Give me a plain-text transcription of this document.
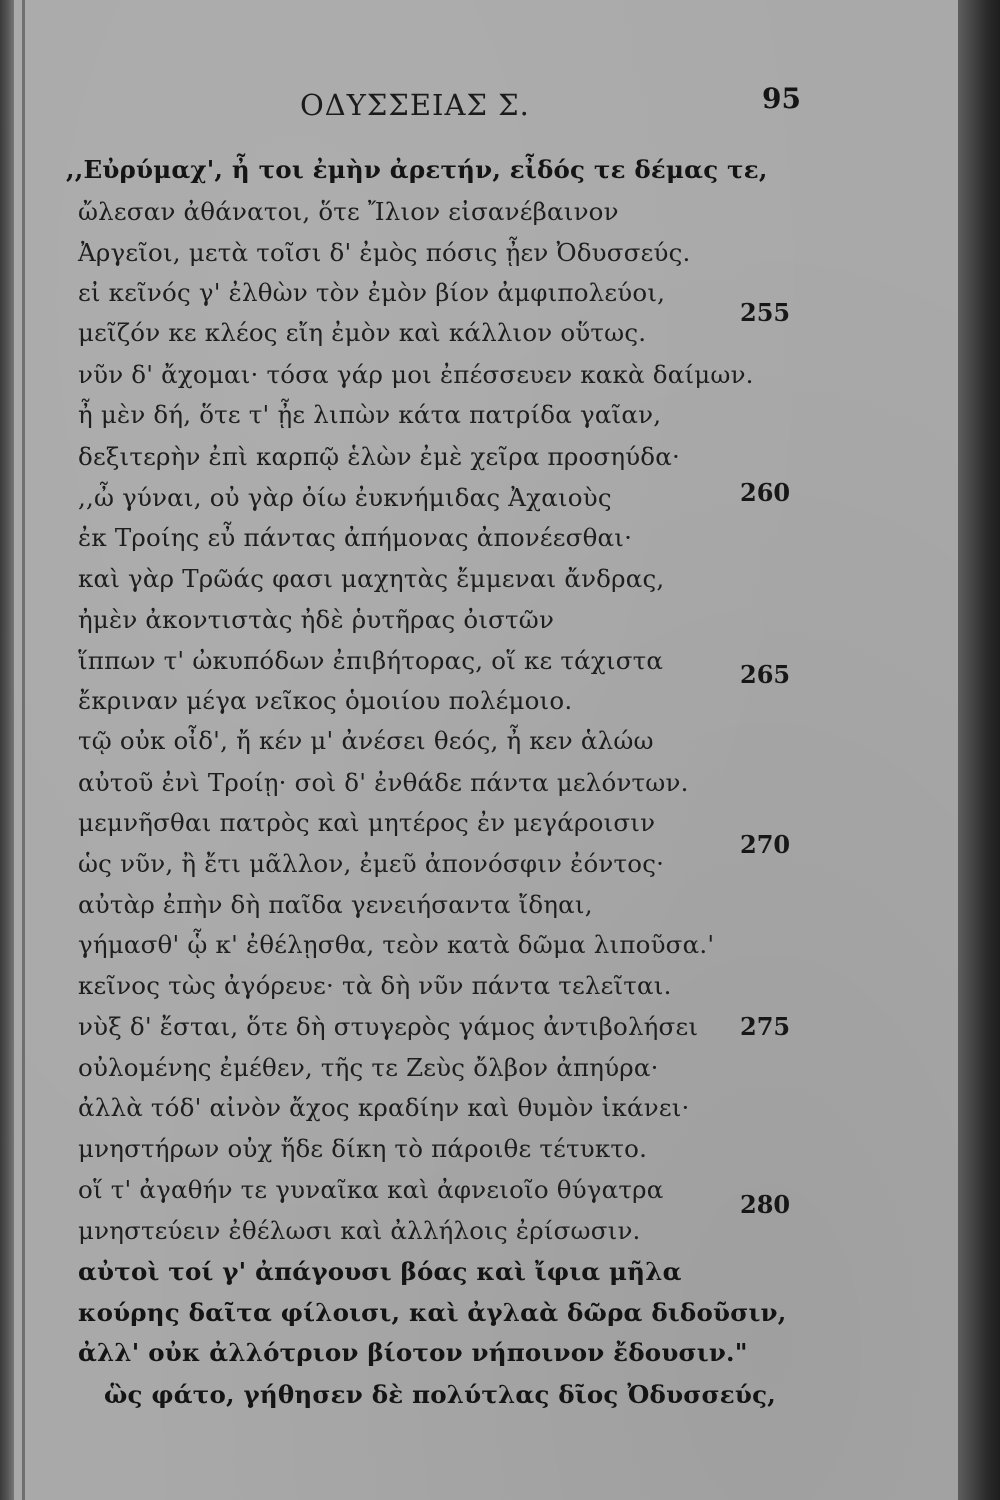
ΟΔΥΣΣΕΙΑΣ Σ.	95
,,Εὐρύμαχ', ἦ τοι ἐμὴν ἀρετήν, εἶδός τε δέμας τε,
ὤλεσαν ἀθάνατοι, ὅτε Ἴλιον εἰσανέβαινον
Ἀργεῖοι, μετὰ τοῖσι δ' ἐμὸς πόσις ᾖεν Ὀδυσσεύς.
εἰ κεῖνός γ' ἐλθὼν τὸν ἐμὸν βίον ἀμφιπολεύοι,
μεῖζόν κε κλέος εἴη ἐμὸν καὶ κάλλιον οὕτως.
255
νῦν δ' ἄχομαι· τόσα γάρ μοι ἐπέσσευεν κακὰ δαίμων.
ἦ μὲν δή, ὅτε τ' ᾖε λιπὼν κάτα πατρίδα γαῖαν,
δεξιτερὴν ἐπὶ καρπῷ ἑλὼν ἐμὲ χεῖρα προσηύδα·
,,ὦ γύναι, οὐ γὰρ ὀίω ἐυκνήμιδας Ἀχαιοὺς
ἐκ Τροίης εὖ πάντας ἀπήμονας ἀπονέεσθαι·
260
καὶ γὰρ Τρῶάς φασι μαχητὰς ἔμμεναι ἄνδρας,
ἠμὲν ἀκοντιστὰς ἠδὲ ῥυτῆρας ὀιστῶν
ἵππων τ' ὠκυπόδων ἐπιβήτορας, οἵ κε τάχιστα
ἔκριναν μέγα νεῖκος ὁμοιίου πολέμοιο.
τῷ οὐκ οἶδ', ἤ κέν μ' ἀνέσει θεός, ἦ κεν ἁλώω
265
αὐτοῦ ἐνὶ Τροίῃ· σοὶ δ' ἐνθάδε πάντα μελόντων.
μεμνῆσθαι πατρὸς καὶ μητέρος ἐν μεγάροισιν
ὡς νῦν, ἢ ἔτι μᾶλλον, ἐμεῦ ἀπονόσφιν ἐόντος·
αὐτὰρ ἐπὴν δὴ παῖδα γενειήσαντα ἴδηαι,
γήμασθ' ᾧ κ' ἐθέλῃσθα, τεὸν κατὰ δῶμα λιποῦσα.'
270
κεῖνος τὼς ἀγόρευε· τὰ δὴ νῦν πάντα τελεῖται.
νὺξ δ' ἔσται, ὅτε δὴ στυγερὸς γάμος ἀντιβολήσει
οὐλομένης ἐμέθεν, τῆς τε Ζεὺς ὄλβον ἀπηύρα·
ἀλλὰ τόδ' αἰνὸν ἄχος κραδίην καὶ θυμὸν ἱκάνει·
μνηστήρων οὐχ ἥδε δίκη τὸ πάροιθε τέτυκτο.
275
οἵ τ' ἀγαθήν τε γυναῖκα καὶ ἀφνειοῖο θύγατρα
μνηστεύειν ἐθέλωσι καὶ ἀλλήλοις ἐρίσωσιν.
αὐτοὶ τοί γ' ἀπάγουσι βόας καὶ ἴφια μῆλα
κούρης δαῖτα φίλοισι, καὶ ἀγλαὰ δῶρα διδοῦσιν,
ἀλλ' οὐκ ἀλλότριον βίοτον νήποινον ἔδουσιν."
280
ὣς φάτο, γήθησεν δὲ πολύτλας δῖος Ὀδυσσεύς,
